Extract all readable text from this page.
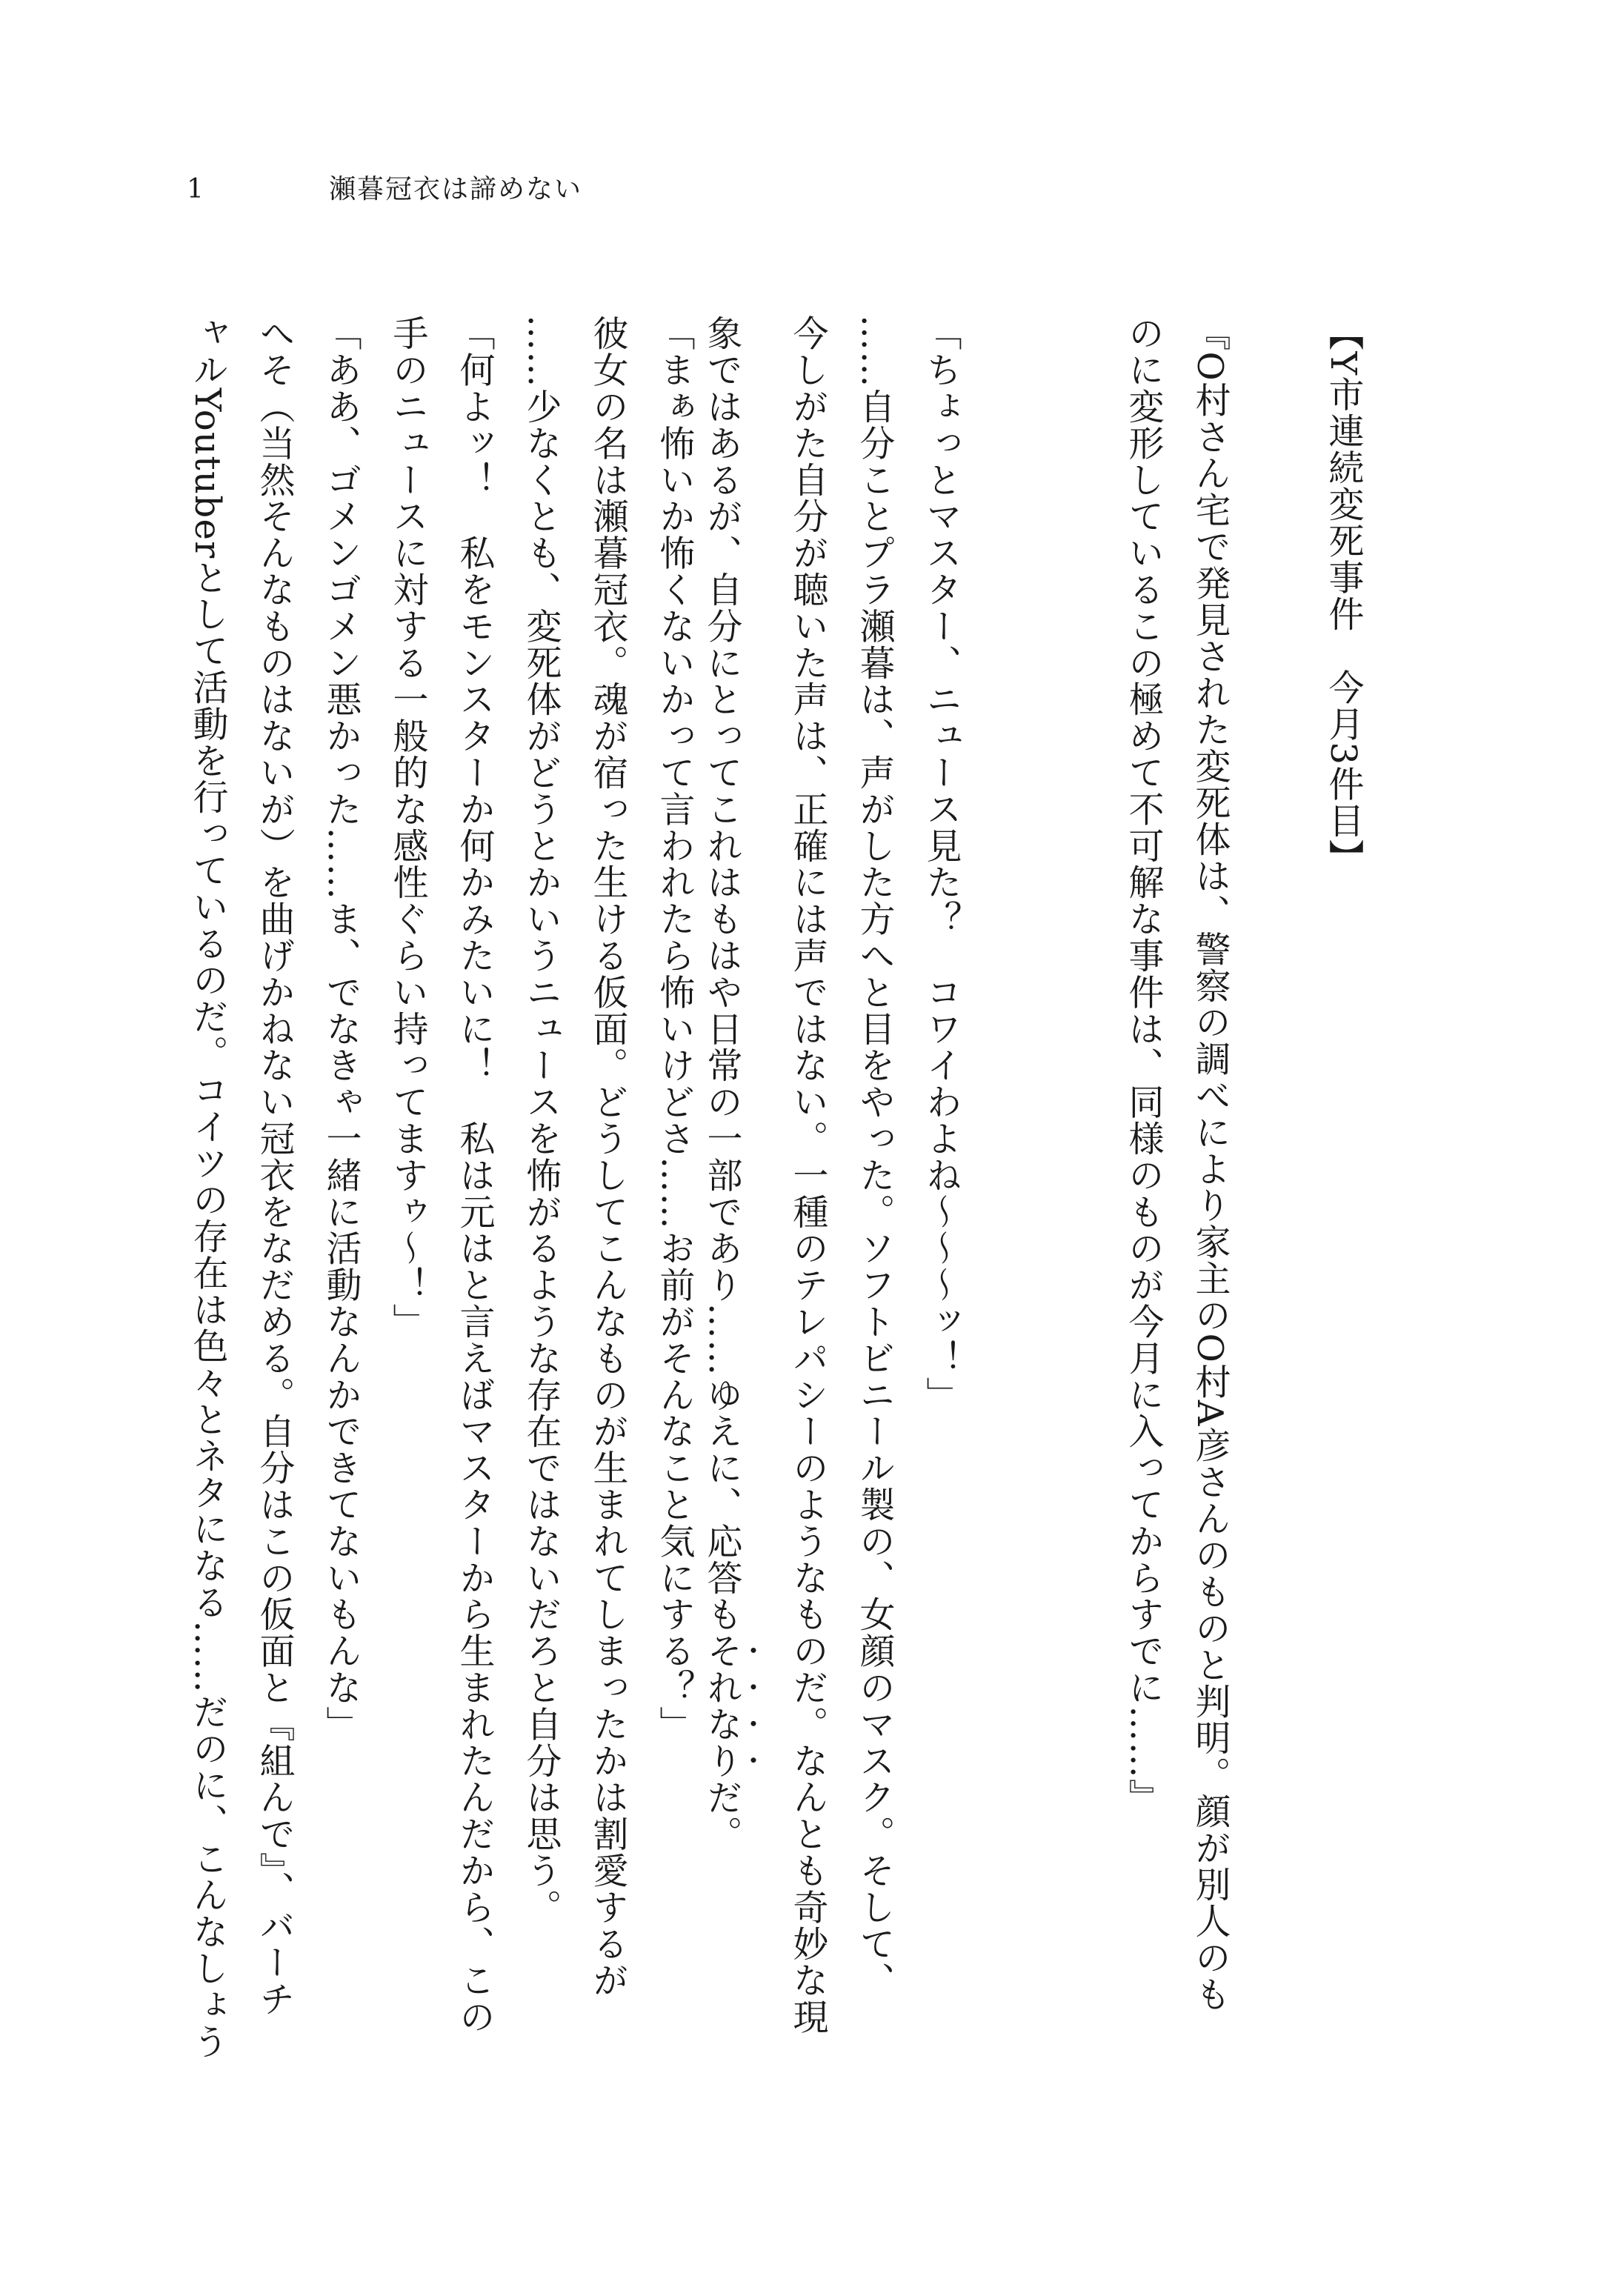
1	瀬暮冠衣は諦めない
【Y市連続変死事件　今月3件目】
『O村さん宅で発見された変死体は、警察の調べにより家主のO村A彦さんのものと判明。顔が別人のも
のに変形しているこの極めて不可解な事件は、同様のものが今月に入ってからすでに……』
「ちょっとマスター、ニュース見た？　コワイわよね〜〜〜ッ！」
……自分ことプラ瀬暮は、声がした方へと目をやった。ソフトビニール製の、女顔のマスク。そして、
今しがた自分が聴いた声は、正確には声ではない。一種のテレパシーのようなものだ。なんとも奇妙な現
象ではあるが、自分にとってこれはもはや日常の一部であり……ゆえに、応答もそれなりだ。
「まぁ怖いか怖くないかって言われたら怖いけどさ……お前がそんなこと気にする？」
彼女の名は瀬暮冠衣。魂が宿った生ける仮面。どうしてこんなものが生まれてしまったかは割愛するが
……少なくとも、変死体がどうとかいうニュースを怖がるような存在ではないだろと自分は思う。
「何よッ！　私をモンスターか何かみたいに！　私は元はと言えばマスターから生まれたんだから、この
手のニュースに対する一般的な感性ぐらい持ってますゥ〜！」
「ああ、ゴメンゴメン悪かった……ま、でなきゃ一緒に活動なんかできてないもんな」
へそ（当然そんなものはないが）を曲げかねない冠衣をなだめる。自分はこの仮面と『組んで』、バーチ
ャルYoutuberとして活動を行っているのだ。コイツの存在は色々とネタになる……だのに、こんなしょう
